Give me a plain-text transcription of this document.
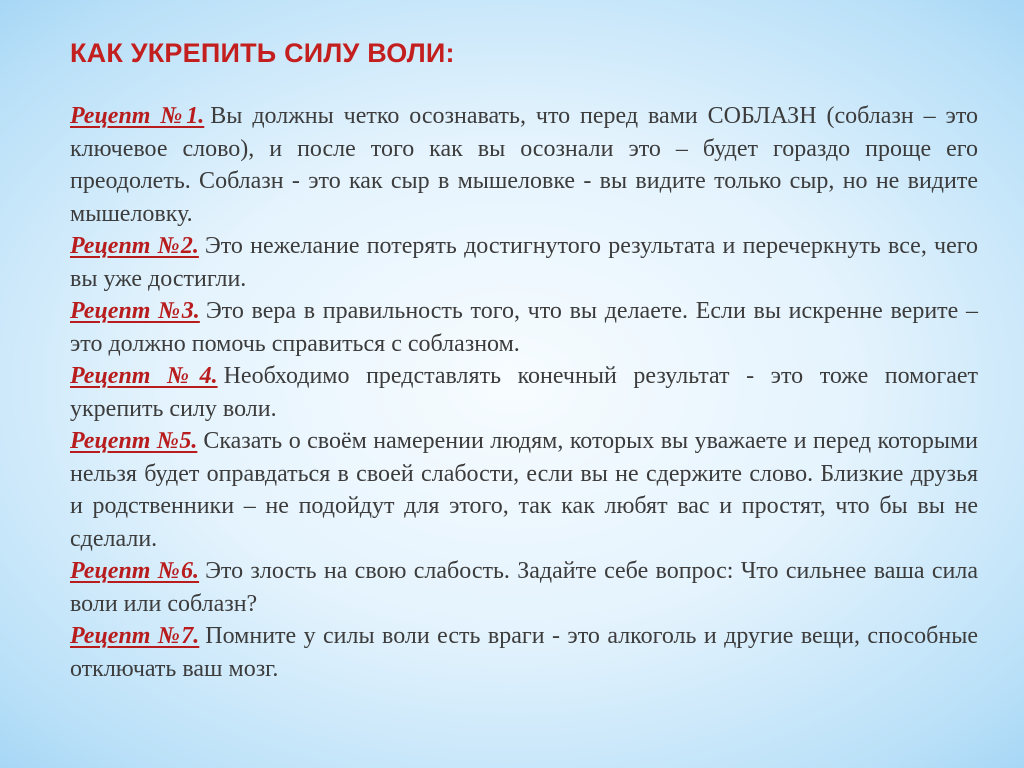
КАК УКРЕПИТЬ СИЛУ ВОЛИ:

Рецепт №1. Вы должны четко осознавать, что перед вами СОБЛАЗН (соблазн – это ключевое слово), и после того как вы осознали это – будет гораздо проще его преодолеть. Соблазн - это как сыр в мышеловке - вы видите только сыр, но не видите мышеловку.

Рецепт №2. Это нежелание потерять достигнутого результата и перечеркнуть все, чего вы уже достигли.

Рецепт №3. Это вера в правильность того, что вы делаете. Если вы искренне верите – это должно помочь справиться с соблазном.

Рецепт №4. Необходимо представлять конечный результат - это тоже помогает укрепить силу воли.

Рецепт №5. Сказать о своём намерении людям, которых вы уважаете и перед которыми нельзя будет оправдаться в своей слабости, если вы не сдержите слово. Близкие друзья и родственники – не подойдут для этого, так как любят вас и простят, что бы вы не сделали.

Рецепт №6. Это злость на свою слабость. Задайте себе вопрос: Что сильнее ваша сила воли или соблазн?

Рецепт №7. Помните у силы воли есть враги - это алкоголь и другие вещи, способные отключать ваш мозг.
